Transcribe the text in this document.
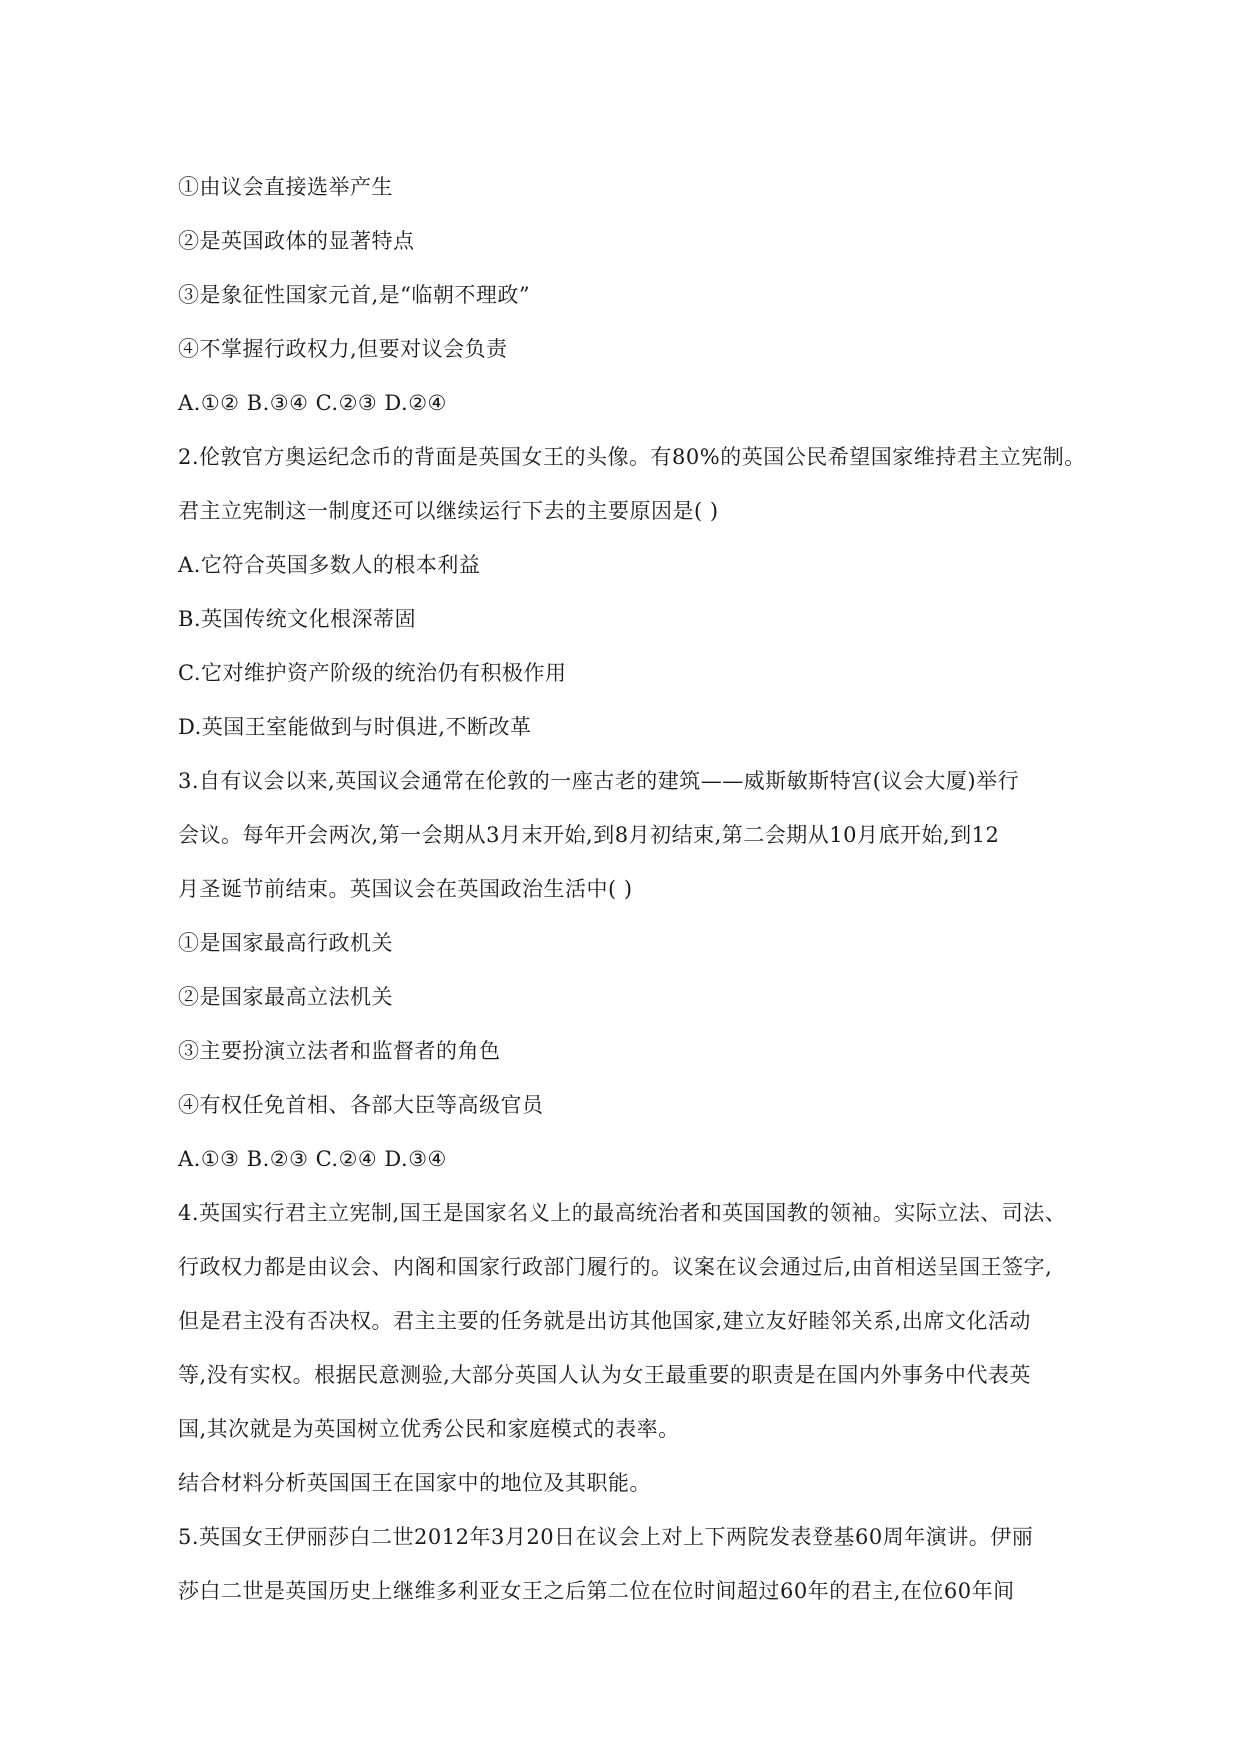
①由议会直接选举产生
②是英国政体的显著特点
③是象征性国家元首,是“临朝不理政”
④不掌握行政权力,但要对议会负责
A.①② B.③④ C.②③ D.②④
2.伦敦官方奥运纪念币的背面是英国女王的头像。有80%的英国公民希望国家维持君主立宪制。
君主立宪制这一制度还可以继续运行下去的主要原因是( )
A.它符合英国多数人的根本利益
B.英国传统文化根深蒂固
C.它对维护资产阶级的统治仍有积极作用
D.英国王室能做到与时俱进,不断改革
3.自有议会以来,英国议会通常在伦敦的一座古老的建筑——威斯敏斯特宫(议会大厦)举行
会议。每年开会两次,第一会期从3月末开始,到8月初结束,第二会期从10月底开始,到12
月圣诞节前结束。英国议会在英国政治生活中( )
①是国家最高行政机关
②是国家最高立法机关
③主要扮演立法者和监督者的角色
④有权任免首相、各部大臣等高级官员
A.①③ B.②③ C.②④ D.③④
4.英国实行君主立宪制,国王是国家名义上的最高统治者和英国国教的领袖。实际立法、司法、
行政权力都是由议会、内阁和国家行政部门履行的。议案在议会通过后,由首相送呈国王签字,
但是君主没有否决权。君主主要的任务就是出访其他国家,建立友好睦邻关系,出席文化活动
等,没有实权。根据民意测验,大部分英国人认为女王最重要的职责是在国内外事务中代表英
国,其次就是为英国树立优秀公民和家庭模式的表率。
结合材料分析英国国王在国家中的地位及其职能。
5.英国女王伊丽莎白二世2012年3月20日在议会上对上下两院发表登基60周年演讲。伊丽
莎白二世是英国历史上继维多利亚女王之后第二位在位时间超过60年的君主,在位60年间
